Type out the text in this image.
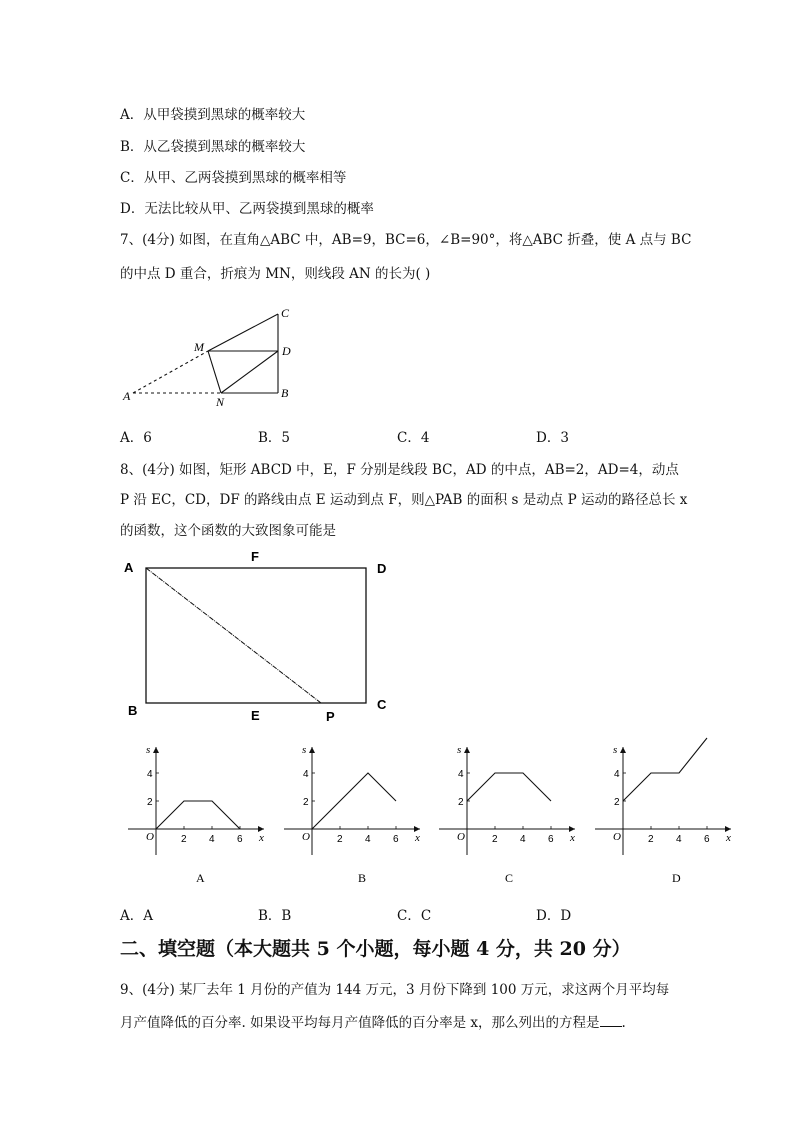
A．从甲袋摸到黑球的概率较大
B．从乙袋摸到黑球的概率较大
C．从甲、乙两袋摸到黑球的概率相等
D．无法比较从甲、乙两袋摸到黑球的概率
7、(4分) 如图，在直角△ABC 中，AB=9，BC=6，∠B=90°，将△ABC 折叠，使 A 点与 BC
的中点 D 重合，折痕为 MN，则线段 AN 的长为( )
C
M	D
A	N
B
A．6	B．5	C．4	D．3
8、(4分) 如图，矩形 ABCD 中，E，F 分别是线段 BC，AD 的中点，AB=2，AD=4，动点
P 沿 EC，CD，DF 的路线由点 E 运动到点 F，则△PAB 的面积 s 是动点 P 运动的路径总长 x
的函数，这个函数的大致图象可能是
A
F
D
B	E	P
C
s
x
O	2 4 6
2
4
A
s
x
O	2 4 6
2
4
B
s
x
O	2 4 6
2
4
C
s
x
O	2 4 6
2
4
D
A．A	B．B	C．C	D．D
二、填空题（本大题共 5 个小题，每小题 4 分，共 20 分）
9、(4分) 某厂去年 1 月份的产值为 144 万元，3 月份下降到 100 万元，求这两个月平均每
月产值降低的百分率. 如果设平均每月产值降低的百分率是 x，那么列出的方程是 .
